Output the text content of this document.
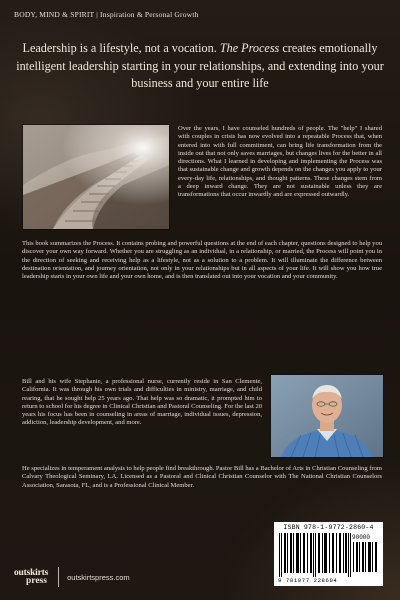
BODY, MIND & SPIRIT | Inspiration & Personal Growth
Leadership is a lifestyle, not a vocation. The Process creates emotionally intelligent leadership starting in your relationships, and extending into your business and your entire life

Over the years, I have counseled hundreds of people. The "help" I shared with couples in crisis has now evolved into a repeatable Process that, when entered into with full commitment, can bring life transformation from the inside out that not only saves marriages, but changes lives for the better in all directions. What I learned in developing and implementing the Process was that sustainable change and growth depends on the changes you apply to your every-day life, relationships, and thought patterns. These changes stem from a deep inward change. They are not sustainable unless they are transformations that occur inwardly and are expressed outwardly.

This book summarizes the Process. It contains probing and powerful questions at the end of each chapter, questions designed to help you discover your own way forward. Whether you are struggling as an individual, in a relationship, or married, the Process will point you in the direction of seeking and receiving help as a lifestyle, not as a solution to a problem. It will illuminate the difference between destination orientation, and journey orientation, not only in your relationships but in all aspects of your life. It will show you how true leadership starts in your own life and your own home, and is then translated out into your vocation and your community.

Bill and his wife Stephanie, a professional nurse, currently reside in San Clemente, California. It was through his own trials and difficulties in ministry, marriage, and child rearing, that he sought help 25 years ago. That help was so dramatic, it prompted him to return to school for his degree in Clinical Christian and Pastoral Counseling. For the last 20 years his focus has been in counseling in areas of marriage, individual issues, depression, addiction, leadership development, and more.

He specializes in temperament analysis to help people find breakthrough. Pastor Bill has a Bachelor of Arts in Christian Counseling from Calvary Theological Seminary, LA. Licensed as a Pastoral and Clinical Christian Counselor with The National Christian Counselors Association, Sarasota, FL, and is a Professional Clinical Member.

ISBN 978-1-9772-2860-4
90000
9 781977 228604
outskirts
press	outskirtspress.com
